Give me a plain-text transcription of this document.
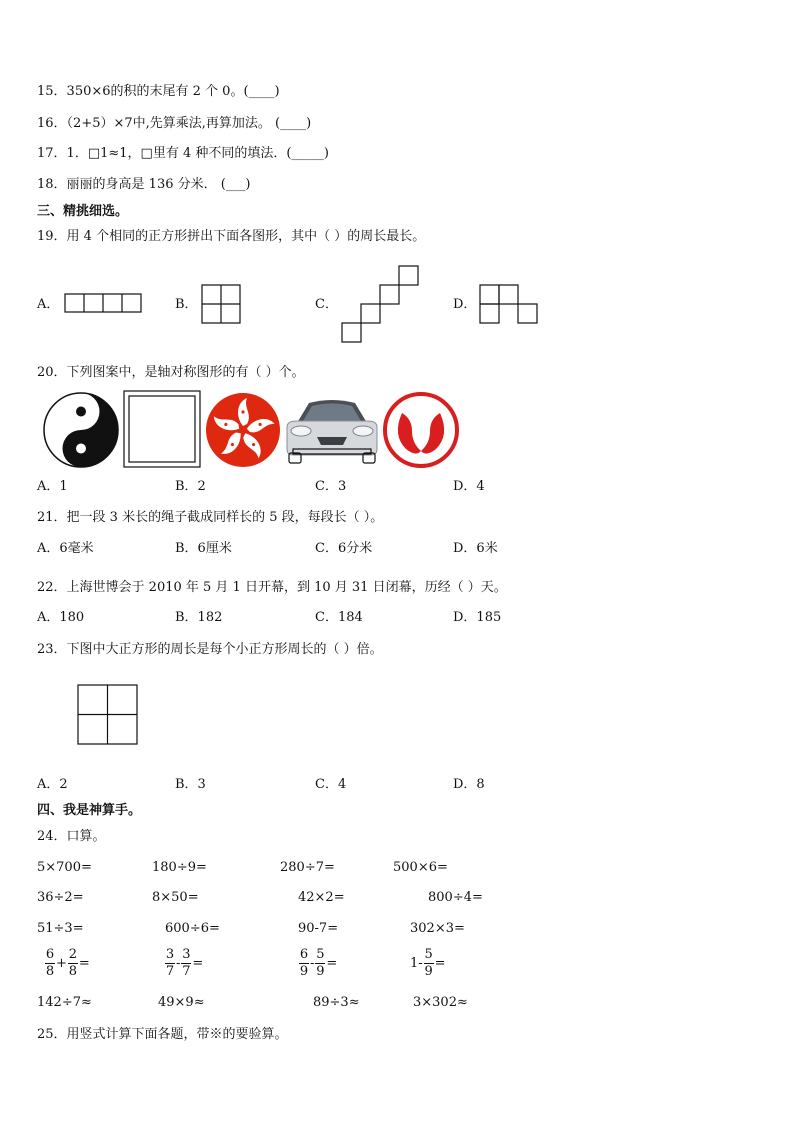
15．350×6的积的末尾有 2 个 0。(____)
16．（2+5）×7中,先算乘法,再算加法。 (____)
17．1．□1≈1，□里有 4 种不同的填法．(_____)
18．丽丽的身高是 136 分米． (___)
三、精挑细选。
19．用 4 个相同的正方形拼出下面各图形，其中（ ）的周长最长。
A．	B．	C．	D．
20．下列图案中，是轴对称图形的有（ ）个。
A．1	B．2	C．3	D．4
21．把一段 3 米长的绳子截成同样长的 5 段，每段长（ ）。
A．6毫米	B．6厘米	C．6分米	D．6米
22．上海世博会于 2010 年 5 月 1 日开幕，到 10 月 31 日闭幕，历经（ ）天。
A．180	B．182	C．184	D．185
23．下图中大正方形的周长是每个小正方形周长的（ ）倍。
A．2	B．3	C．4	D．8
四、我是神算手。
24．口算。
5×700=	180÷9=	280÷7=	500×6=
36÷2=	8×50=	42×2=	800÷4=
51÷3=	600÷6=	90-7=	302×3=
$\frac{6}{8} + \frac{2}{8}$ =	$\frac{3}{7} - \frac{3}{7}$ =	$\frac{6}{9} - \frac{5}{9}$ =	$1- \frac{5}{9}$ =
142÷7≈	49×9≈	89÷3≈	3×302≈
25．用竖式计算下面各题，带※的要验算。
